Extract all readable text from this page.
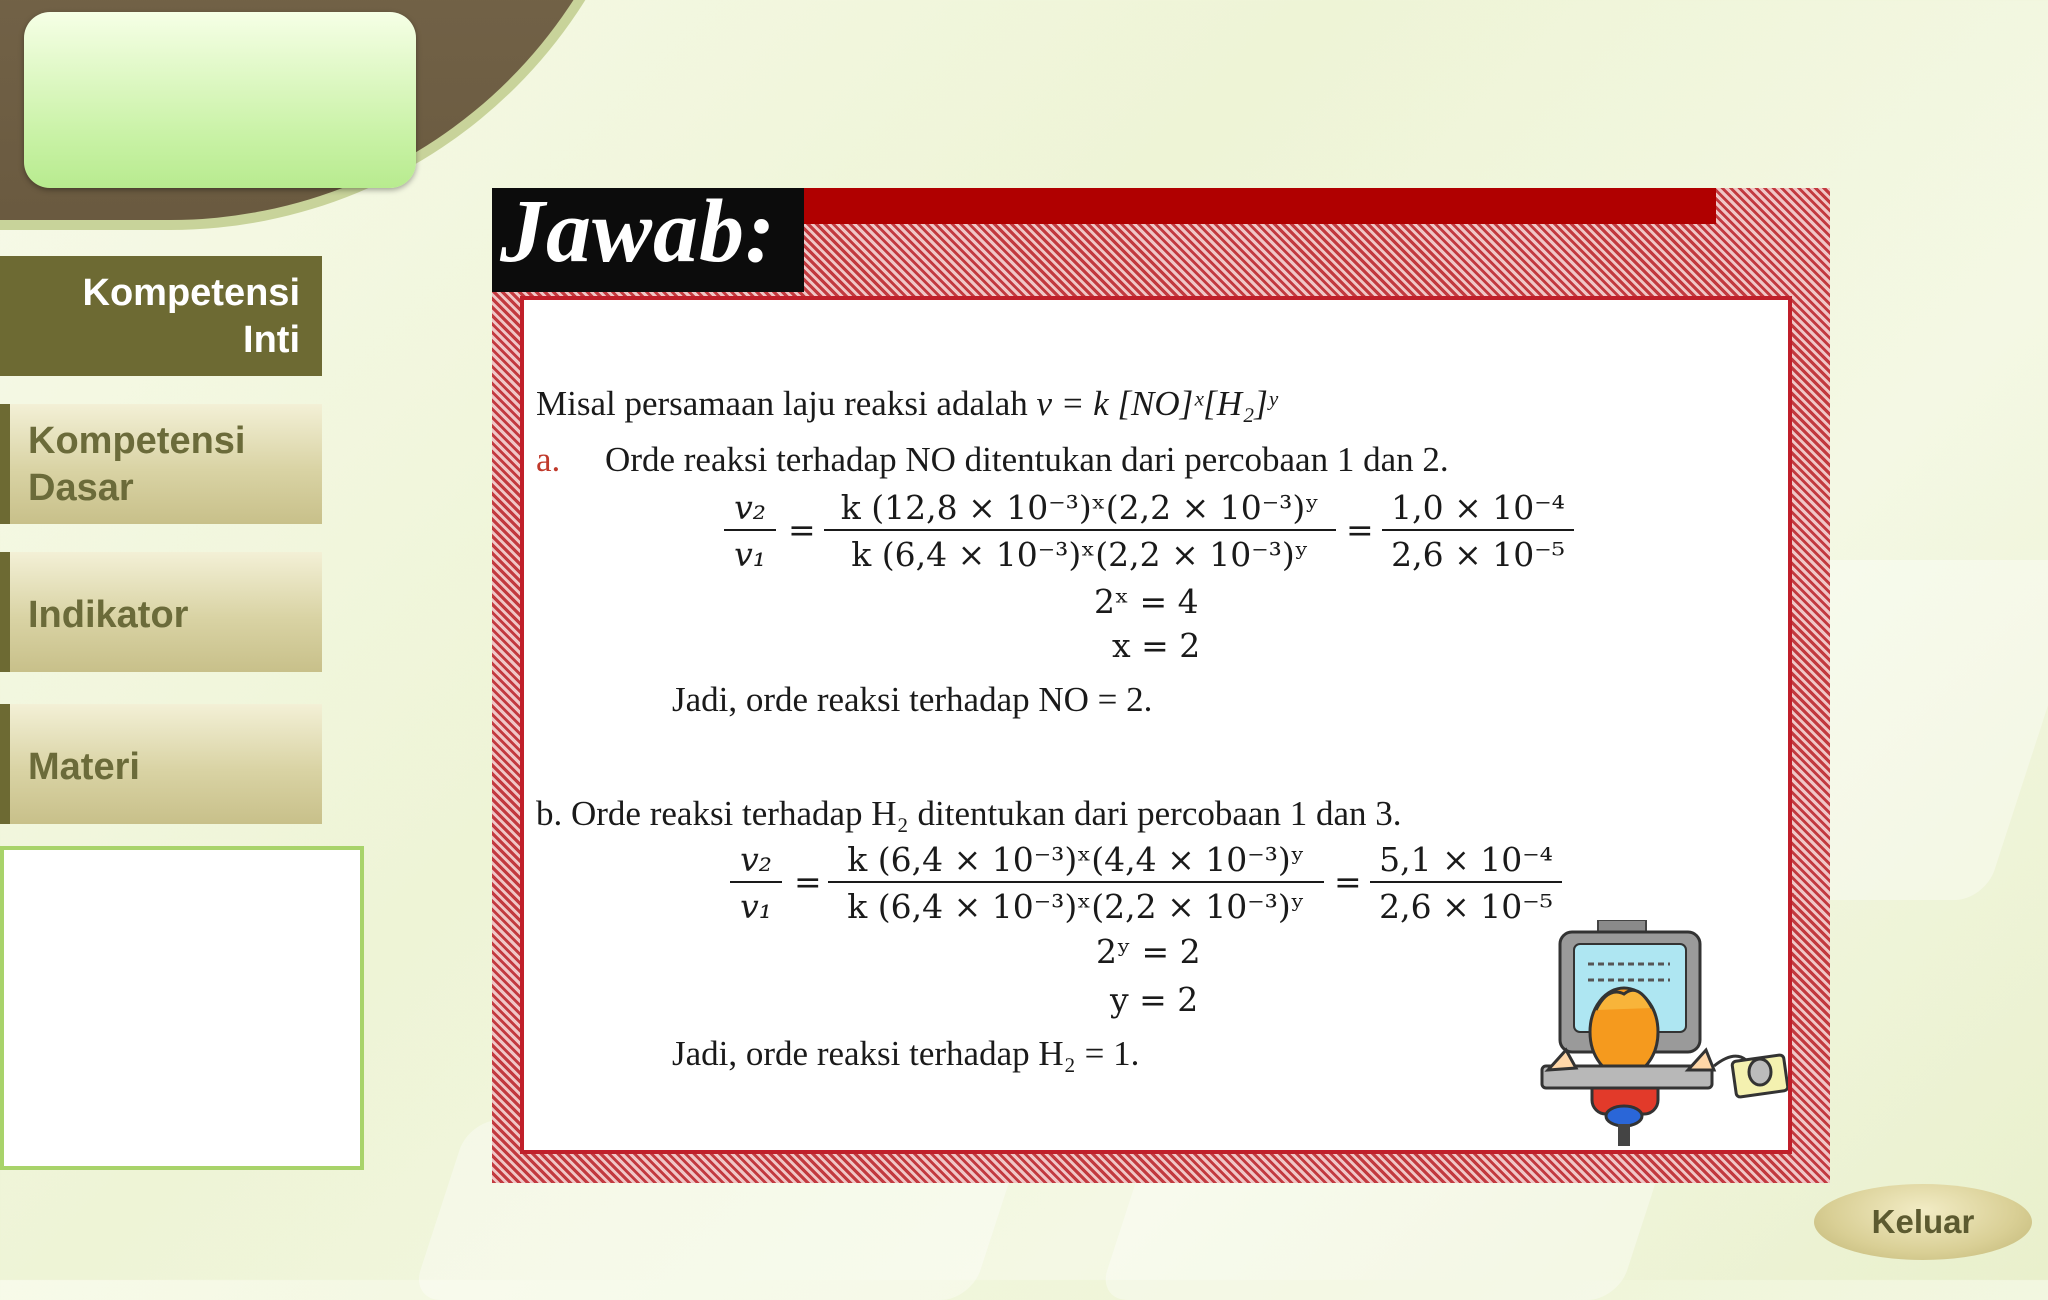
Kompetensi
Inti
Kompetensi
Dasar
Indikator
Materi
Jawab:
Misal persamaan laju reaksi adalah v = k [NO]ˣ[H₂]ʸ
a. Orde reaksi terhadap NO ditentukan dari percobaan 1 dan 2.
$\frac{\text{v₂}}{\text{v₁}} = \frac{\text{k (12,8 × 10⁻³)ˣ(2,2 × 10⁻³)ʸ}}{\text{k (6,4 × 10⁻³)ˣ(2,2 × 10⁻³)ʸ}} = \frac{\text{1,0 × 10⁻⁴}}{\text{2,6 × 10⁻⁵}}$
2ˣ = 4
x = 2
Jadi, orde reaksi terhadap NO = 2.
b. Orde reaksi terhadap H₂ ditentukan dari percobaan 1 dan 3.
$\frac{\text{v₂}}{\text{v₁}} = \frac{\text{k (6,4 × 10⁻³)ˣ(4,4 × 10⁻³)ʸ}}{\text{k (6,4 × 10⁻³)ˣ(2,2 × 10⁻³)ʸ}} = \frac{\text{5,1 × 10⁻⁴}}{\text{2,6 × 10⁻⁵}}$
2ʸ = 2
y = 2
Jadi, orde reaksi terhadap H₂ = 1.
Keluar
